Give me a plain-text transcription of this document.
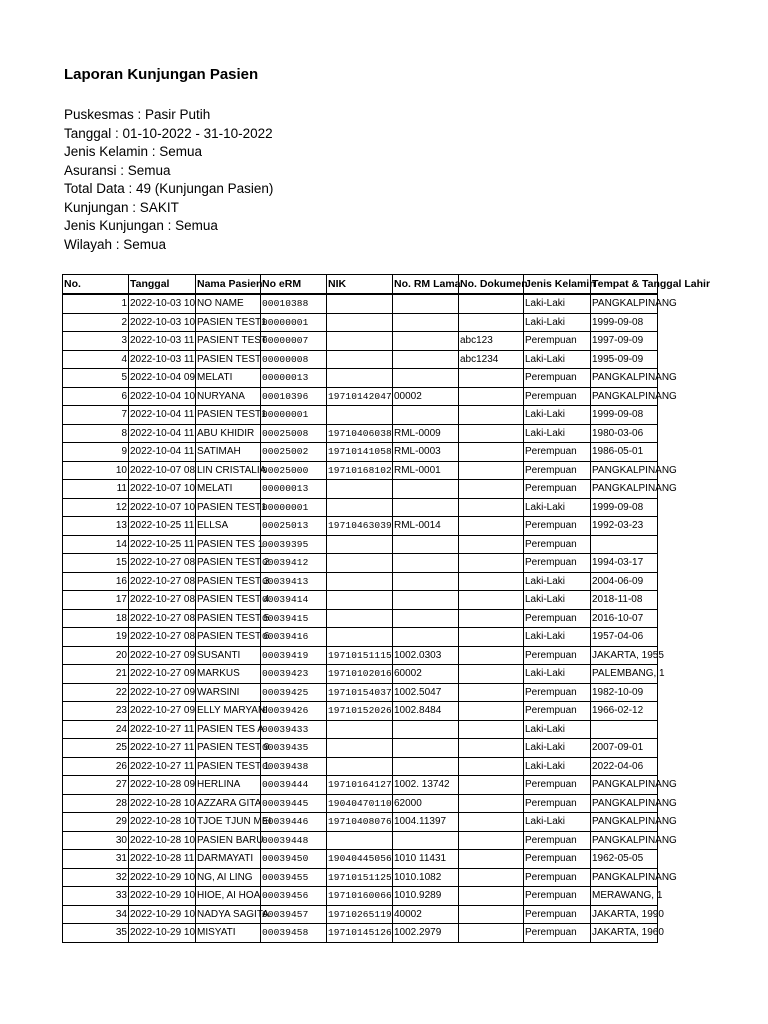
Laporan Kunjungan Pasien
Puskesmas : Pasir Putih
Tanggal : 01-10-2022 - 31-10-2022
Jenis Kelamin : Semua
Asuransi : Semua
Total Data : 49 (Kunjungan Pasien)
Kunjungan : SAKIT
Jenis Kunjungan : Semua
Wilayah : Semua
No.	Tanggal	Nama Pasien	No eRM	NIK	No. RM Lama	No. Dokumen	Jenis Kelamin	Tempat & Tanggal Lahir
1	2022-10-03 10	NO NAME	00010388				Laki-Laki	PANGKALPINANG
2	2022-10-03 10	PASIEN TEST1	00000001				Laki-Laki	1999-09-08
3	2022-10-03 11	PASIENT TEST	00000007			abc123	Perempuan	1997-09-09
4	2022-10-03 11	PASIEN TEST	00000008			abc1234	Laki-Laki	1995-09-09
5	2022-10-04 09	MELATI	00000013				Perempuan	PANGKALPINANG
6	2022-10-04 10	NURYANA	00010396	19710142047	00002		Perempuan	PANGKALPINANG
7	2022-10-04 11	PASIEN TEST1	00000001				Laki-Laki	1999-09-08
8	2022-10-04 11	ABU KHIDIR	00025008	19710406038	RML-0009		Laki-Laki	1980-03-06
9	2022-10-04 11	SATIMAH	00025002	19710141058	RML-0003		Perempuan	1986-05-01
10	2022-10-07 08	LIN CRISTALIA	00025000	19710168102	RML-0001		Perempuan	PANGKALPINANG
11	2022-10-07 10	MELATI	00000013				Perempuan	PANGKALPINANG
12	2022-10-07 10	PASIEN TEST1	00000001				Laki-Laki	1999-09-08
13	2022-10-25 11	ELLSA	00025013	19710463039	RML-0014		Perempuan	1992-03-23
14	2022-10-25 11	PASIEN TES 1	00039395				Perempuan	
15	2022-10-27 08	PASIEN TEST 2	00039412				Perempuan	1994-03-17
16	2022-10-27 08	PASIEN TEST 3	00039413				Laki-Laki	2004-06-09
17	2022-10-27 08	PASIEN TEST 4	00039414				Laki-Laki	2018-11-08
18	2022-10-27 08	PASIEN TEST 5	00039415				Perempuan	2016-10-07
19	2022-10-27 08	PASIEN TEST 6	00039416				Laki-Laki	1957-04-06
20	2022-10-27 09	SUSANTI	00039419	19710151115	1002.0303		Perempuan	JAKARTA, 1955
21	2022-10-27 09	MARKUS	00039423	19710102016	60002		Laki-Laki	PALEMBANG, 1
22	2022-10-27 09	WARSINI	00039425	19710154037	1002.5047		Perempuan	1982-10-09
23	2022-10-27 09	ELLY MARYANI	00039426	19710152026	1002.8484		Perempuan	1966-02-12
24	2022-10-27 11	PASIEN TES A	00039433				Laki-Laki	
25	2022-10-27 11	PASIEN TEST 9	00039435				Laki-Laki	2007-09-01
26	2022-10-27 11	PASIEN TEST 1	00039438				Laki-Laki	2022-04-06
27	2022-10-28 09	HERLINA	00039444	19710164127	1002. 13742		Perempuan	PANGKALPINANG
28	2022-10-28 10	AZZARA GITA	00039445	19040470110	62000		Perempuan	PANGKALPINANG
29	2022-10-28 10	TJOE TJUN MEI	00039446	19710408076	1004.11397		Laki-Laki	PANGKALPINANG
30	2022-10-28 10	PASIEN BARU	00039448				Perempuan	PANGKALPINANG
31	2022-10-28 11	DARMAYATI	00039450	19040445056	1010 11431		Perempuan	1962-05-05
32	2022-10-29 10	NG, AI LING	00039455	19710151125	1010.1082		Perempuan	PANGKALPINANG
33	2022-10-29 10	HIOE, AI HOA	00039456	19710160066	1010.9289		Perempuan	MERAWANG, 1
34	2022-10-29 10	NADYA SAGITA	00039457	19710265119	40002		Perempuan	JAKARTA, 1990
35	2022-10-29 10	MISYATI	00039458	19710145126	1002.2979		Perempuan	JAKARTA, 1960
